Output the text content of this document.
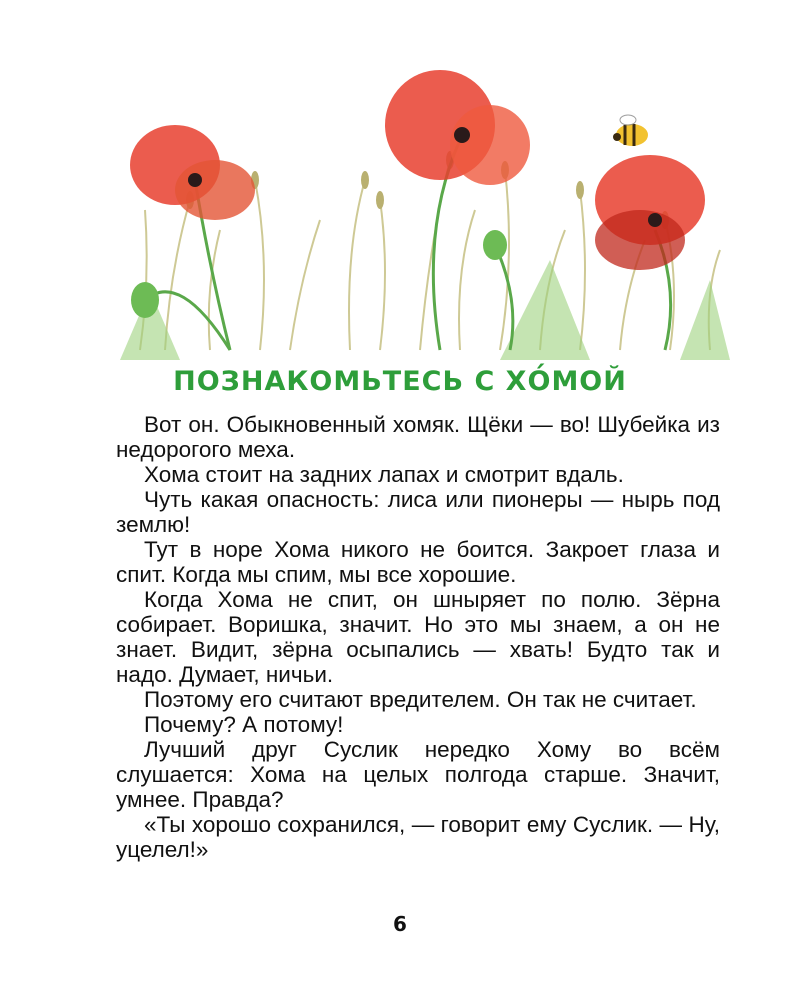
ПОЗНАКОМЬТЕСЬ С ХО́МОЙ

Вот он. Обыкновенный хомяк. Щёки — во! Шубейка из недорогого меха.

Хома стоит на задних лапах и смотрит вдаль.

Чуть какая опасность: лиса или пионеры — нырь под землю!

Тут в норе Хома никого не боится. Закроет глаза и спит. Когда мы спим, мы все хорошие.

Когда Хома не спит, он шныряет по полю. Зёрна собирает. Воришка, значит. Но это мы знаем, а он не знает. Видит, зёрна осыпались — хвать! Будто так и надо. Думает, ничьи.

Поэтому его считают вредителем. Он так не считает.

Почему? А потому!

Лучший друг Суслик нередко Хому во всём слушается: Хома на целых полгода старше. Значит, умнее. Правда?

«Ты хорошо сохранился, — говорит ему Суслик. — Ну, уцелел!»

6
